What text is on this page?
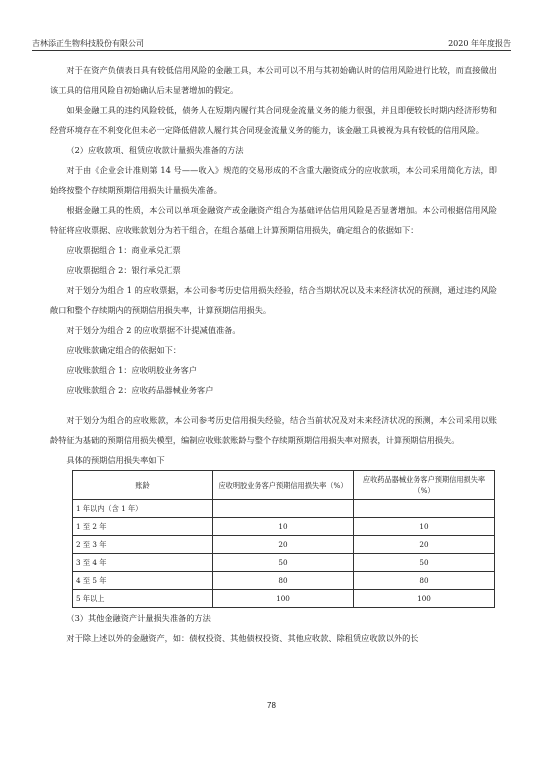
吉林添正生物科技股份有限公司	2020 年年度报告

对于在资产负债表日具有较低信用风险的金融工具，本公司可以不用与其初始确认时的信用风险进行比较，而直接做出该工具的信用风险自初始确认后未显著增加的假定。

如果金融工具的违约风险较低，债务人在短期内履行其合同现金流量义务的能力很强，并且即便较长时期内经济形势和经营环境存在不利变化但未必一定降低借款人履行其合同现金流量义务的能力，该金融工具被视为具有较低的信用风险。

（2）应收款项、租赁应收款计量损失准备的方法

对于由《企业会计准则第 14 号——收入》规范的交易形成的不含重大融资成分的应收款项，本公司采用简化方法，即始终按整个存续期预期信用损失计量损失准备。

根据金融工具的性质，本公司以单项金融资产或金融资产组合为基础评估信用风险是否显著增加。本公司根据信用风险特征将应收票据、应收账款划分为若干组合，在组合基础上计算预期信用损失，确定组合的依据如下：

应收票据组合 1：商业承兑汇票

应收票据组合 2：银行承兑汇票

对于划分为组合 1 的应收票据，本公司参考历史信用损失经验，结合当期状况以及未来经济状况的预测，通过违约风险敞口和整个存续期内的预期信用损失率，计算预期信用损失。

对于划分为组合 2 的应收票据不计提减值准备。

应收账款确定组合的依据如下：

应收账款组合 1：应收明胶业务客户

应收账款组合 2：应收药品器械业务客户

对于划分为组合的应收账款，本公司参考历史信用损失经验，结合当前状况及对未来经济状况的预测，本公司采用以账龄特征为基础的预期信用损失模型，编制应收账款账龄与整个存续期预期信用损失率对照表，计算预期信用损失。

具体的预期信用损失率如下

账龄	应收明胶业务客户预期信用损失率（%）	应收药品器械业务客户预期信用损失率（%）
1 年以内（含 1 年）		
1 至 2 年	10	10
2 至 3 年	20	20
3 至 4 年	50	50
4 至 5 年	80	80
5 年以上	100	100

（3）其他金融资产计量损失准备的方法

对于除上述以外的金融资产，如：债权投资、其他债权投资、其他应收款、除租赁应收款以外的长

78
